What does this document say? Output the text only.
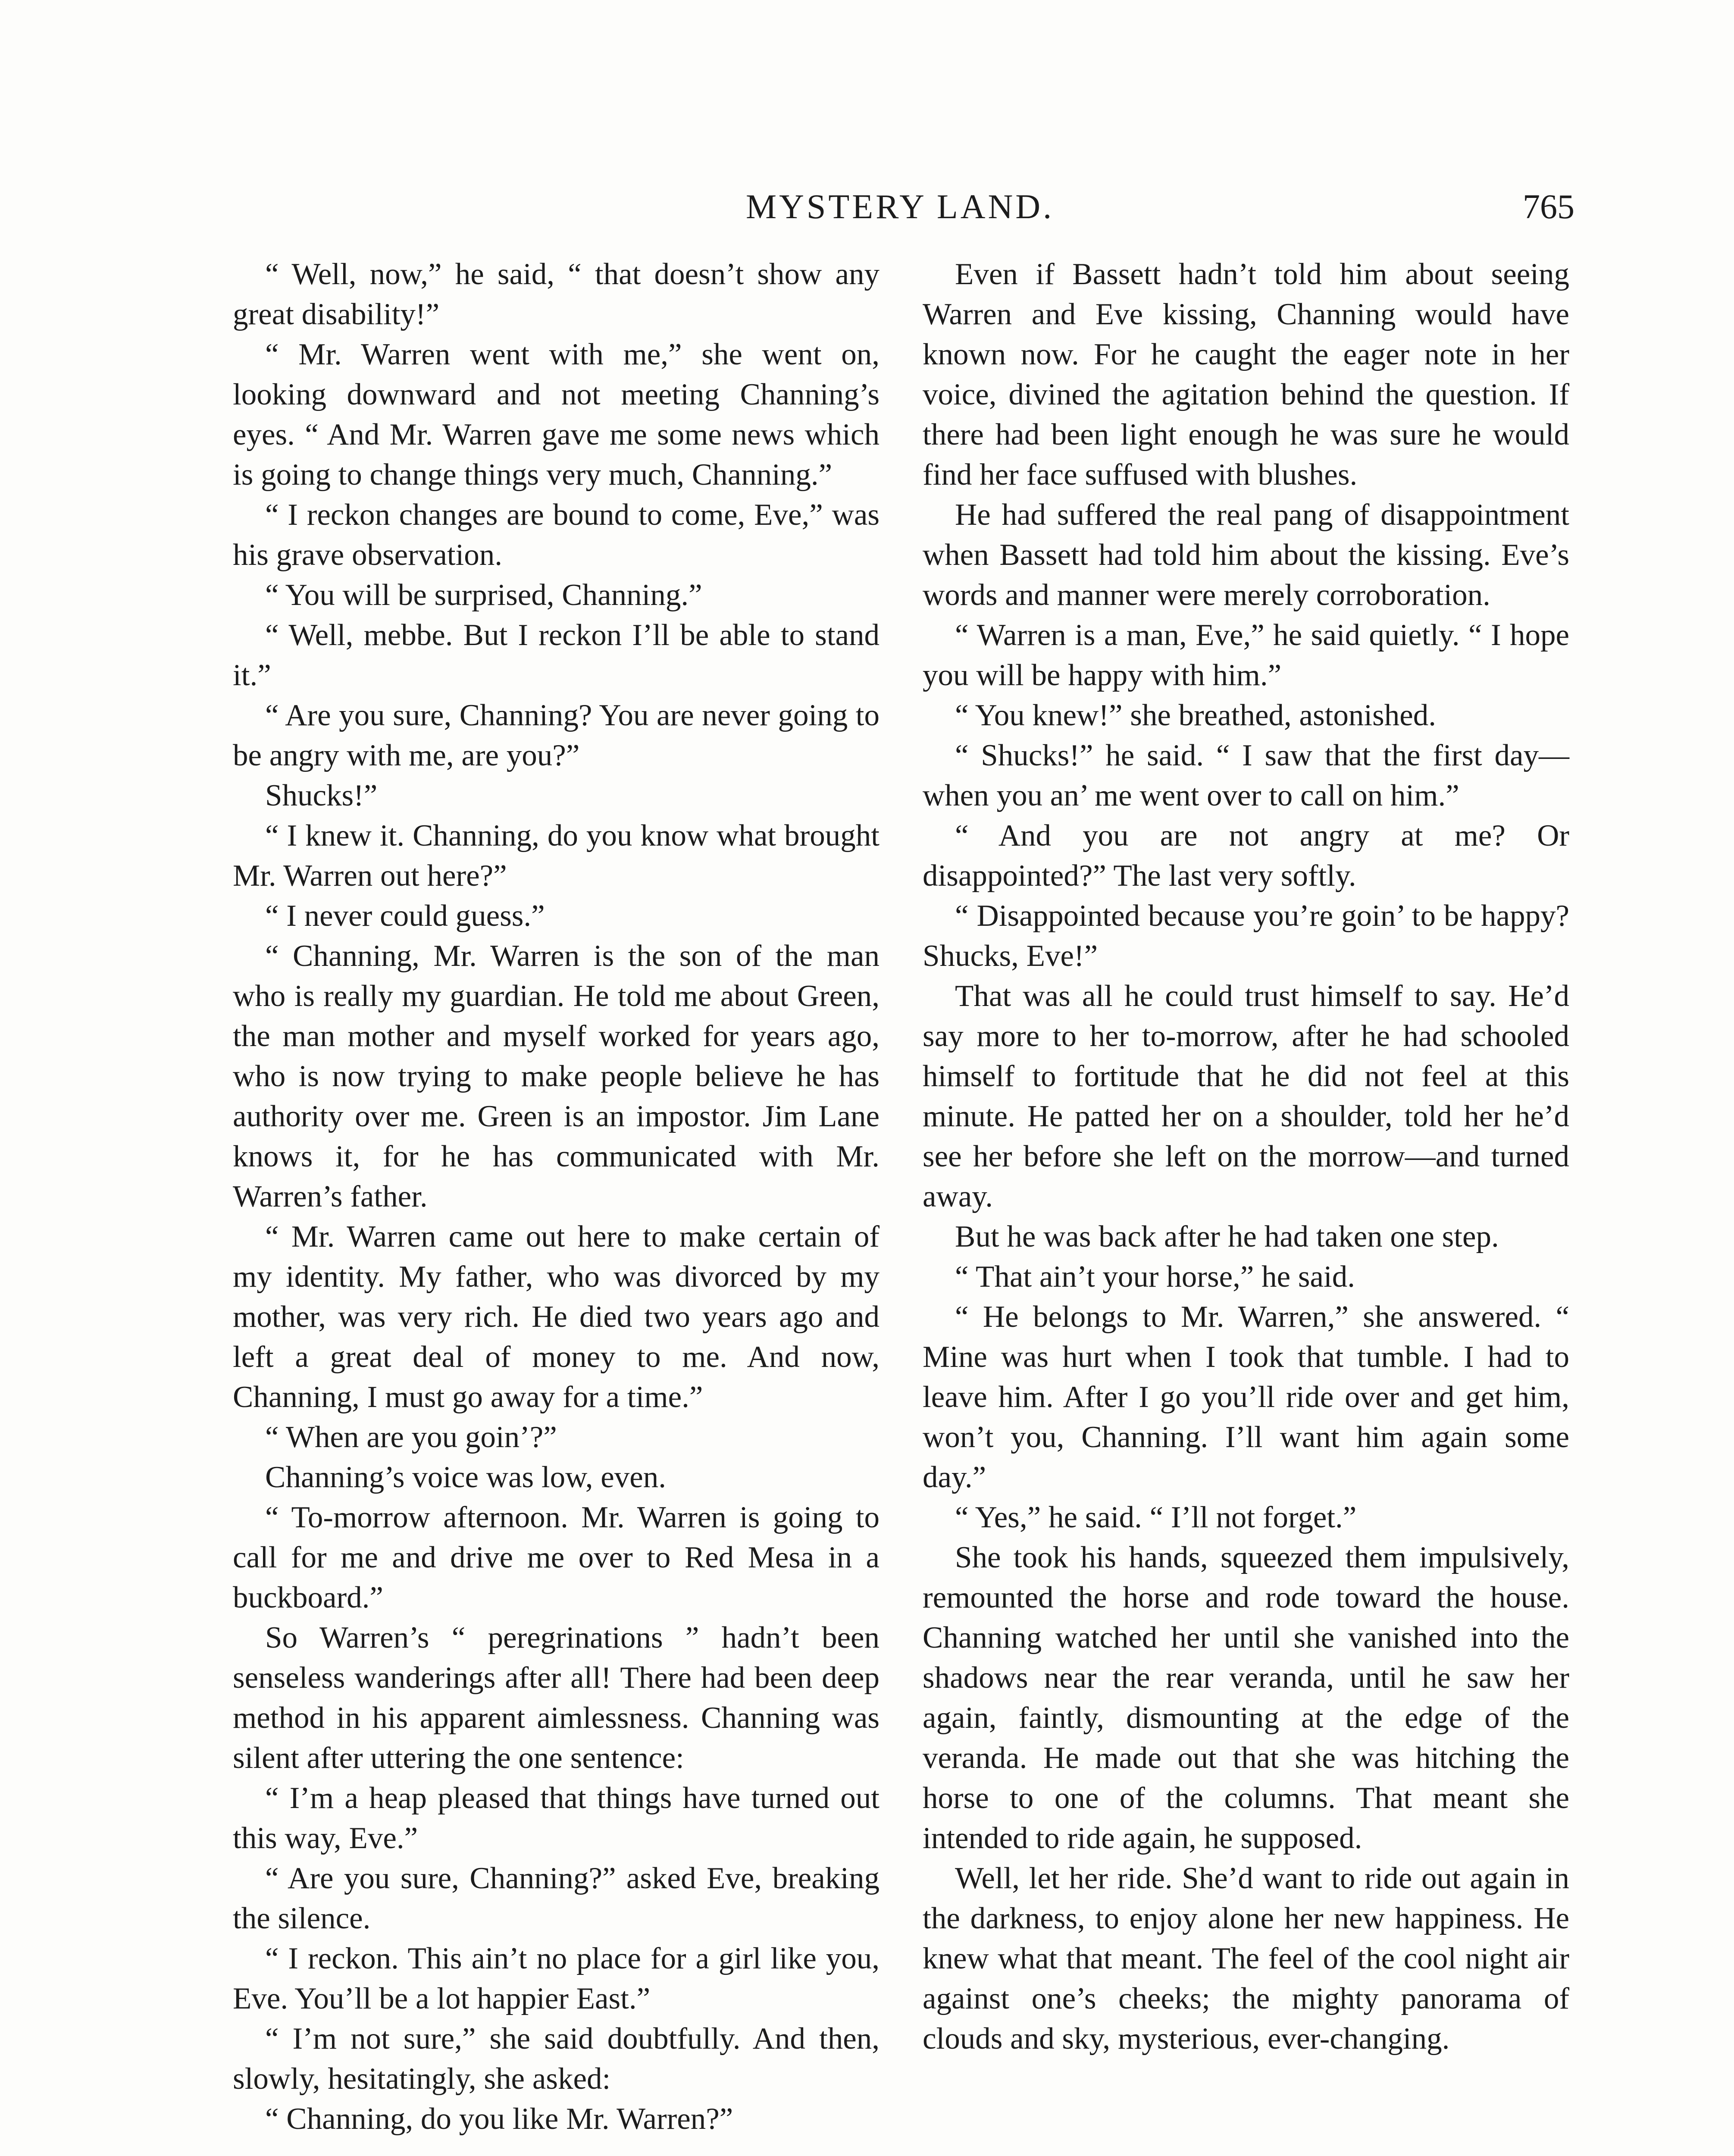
MYSTERY LAND.	765

“ Well, now,” he said, “ that doesn’t show any great disability!”

“ Mr. Warren went with me,” she went on, looking downward and not meeting Channing’s eyes. “ And Mr. Warren gave me some news which is going to change things very much, Channing.”

“ I reckon changes are bound to come, Eve,” was his grave observation.

“ You will be surprised, Channing.”

“ Well, mebbe. But I reckon I’ll be able to stand it.”

“ Are you sure, Channing? You are never going to be angry with me, are you?”

Shucks!”

“ I knew it. Channing, do you know what brought Mr. Warren out here?”

“ I never could guess.”

“ Channing, Mr. Warren is the son of the man who is really my guardian. He told me about Green, the man mother and myself worked for years ago, who is now trying to make people believe he has authority over me. Green is an impostor. Jim Lane knows it, for he has communicated with Mr. Warren’s father.

“ Mr. Warren came out here to make certain of my identity. My father, who was divorced by my mother, was very rich. He died two years ago and left a great deal of money to me. And now, Channing, I must go away for a time.”

“ When are you goin’?”

Channing’s voice was low, even.

“ To-morrow afternoon. Mr. Warren is going to call for me and drive me over to Red Mesa in a buckboard.”

So Warren’s “ peregrinations ” hadn’t been senseless wanderings after all! There had been deep method in his apparent aimlessness. Channing was silent after uttering the one sentence:

“ I’m a heap pleased that things have turned out this way, Eve.”

“ Are you sure, Channing?” asked Eve, breaking the silence.

“ I reckon. This ain’t no place for a girl like you, Eve. You’ll be a lot happier East.”

“ I’m not sure,” she said doubtfully. And then, slowly, hesitatingly, she asked:

“ Channing, do you like Mr. Warren?”

Even if Bassett hadn’t told him about seeing Warren and Eve kissing, Channing would have known now. For he caught the eager note in her voice, divined the agitation behind the question. If there had been light enough he was sure he would find her face suffused with blushes.

He had suffered the real pang of disappointment when Bassett had told him about the kissing. Eve’s words and manner were merely corroboration.

“ Warren is a man, Eve,” he said quietly. “ I hope you will be happy with him.”

“ You knew!” she breathed, astonished.

“ Shucks!” he said. “ I saw that the first day—when you an’ me went over to call on him.”

“ And you are not angry at me? Or disappointed?” The last very softly.

“ Disappointed because you’re goin’ to be happy? Shucks, Eve!”

That was all he could trust himself to say. He’d say more to her to-morrow, after he had schooled himself to fortitude that he did not feel at this minute. He patted her on a shoulder, told her he’d see her before she left on the morrow—and turned away.

But he was back after he had taken one step.

“ That ain’t your horse,” he said.

“ He belongs to Mr. Warren,” she answered. “ Mine was hurt when I took that tumble. I had to leave him. After I go you’ll ride over and get him, won’t you, Channing. I’ll want him again some day.”

“ Yes,” he said. “ I’ll not forget.”

She took his hands, squeezed them impulsively, remounted the horse and rode toward the house. Channing watched her until she vanished into the shadows near the rear veranda, until he saw her again, faintly, dismounting at the edge of the veranda. He made out that she was hitching the horse to one of the columns. That meant she intended to ride again, he supposed.

Well, let her ride. She’d want to ride out again in the darkness, to enjoy alone her new happiness. He knew what that meant. The feel of the cool night air against one’s cheeks; the mighty panorama of clouds and sky, mysterious, ever-changing.
